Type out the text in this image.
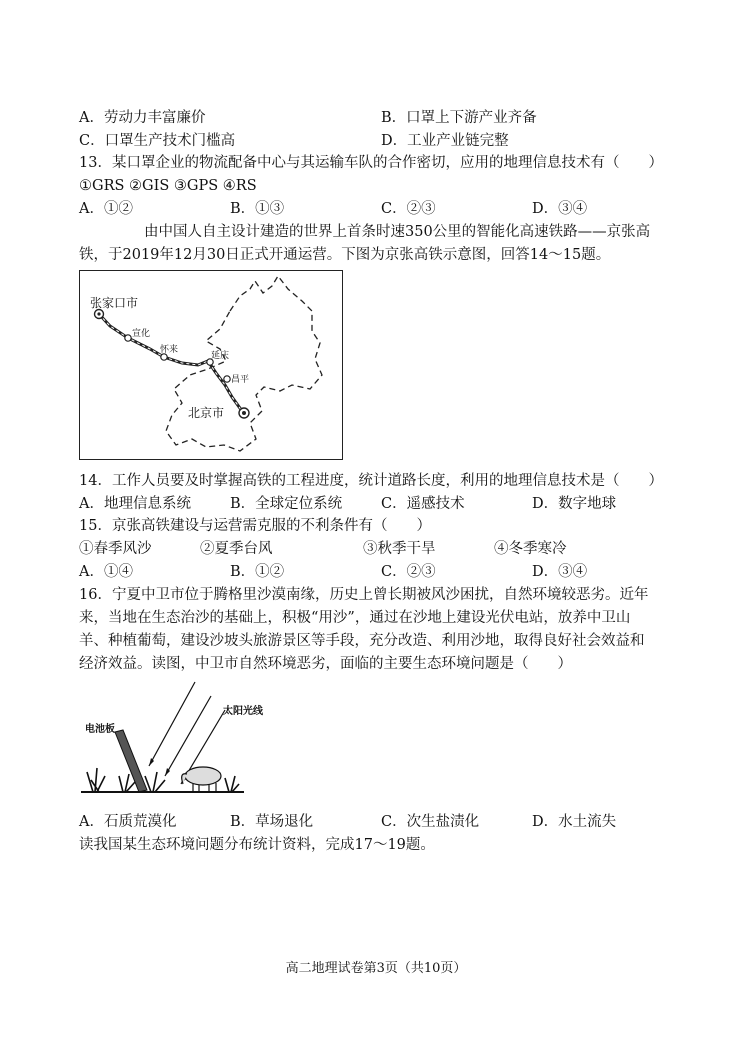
A．劳动力丰富廉价	B．口罩上下游产业齐备
C．口罩生产技术门槛高	D．工业产业链完整
13．某口罩企业的物流配备中心与其运输车队的合作密切，应用的地理信息技术有（　　）
①GRS ②GIS ③GPS ④RS
A．①②	B．①③	C．②③	D．③④
由中国人自主设计建造的世界上首条时速350公里的智能化高速铁路——京张高
铁，于2019年12月30日正式开通运营。下图为京张高铁示意图，回答14～15题。
张家口市
宣化
怀来
延庆
昌平
北京市
14．工作人员要及时掌握高铁的工程进度，统计道路长度，利用的地理信息技术是（　　）
A．地理信息系统	B．全球定位系统	C．遥感技术	D．数字地球
15．京张高铁建设与运营需克服的不利条件有（　　）
①春季风沙	②夏季台风	③秋季干旱	④冬季寒冷
A．①④	B．①②	C．②③	D．③④
16．宁夏中卫市位于腾格里沙漠南缘，历史上曾长期被风沙困扰，自然环境较恶劣。近年
来，当地在生态治沙的基础上，积极“用沙”，通过在沙地上建设光伏电站，放养中卫山
羊、种植葡萄，建设沙坡头旅游景区等手段，充分改造、利用沙地，取得良好社会效益和
经济效益。读图，中卫市自然环境恶劣，面临的主要生态环境问题是（　　）
电池板
太阳光线
A．石质荒漠化	B．草场退化	C．次生盐渍化	D．水土流失
读我国某生态环境问题分布统计资料，完成17～19题。
高二地理试卷第3页（共10页）
